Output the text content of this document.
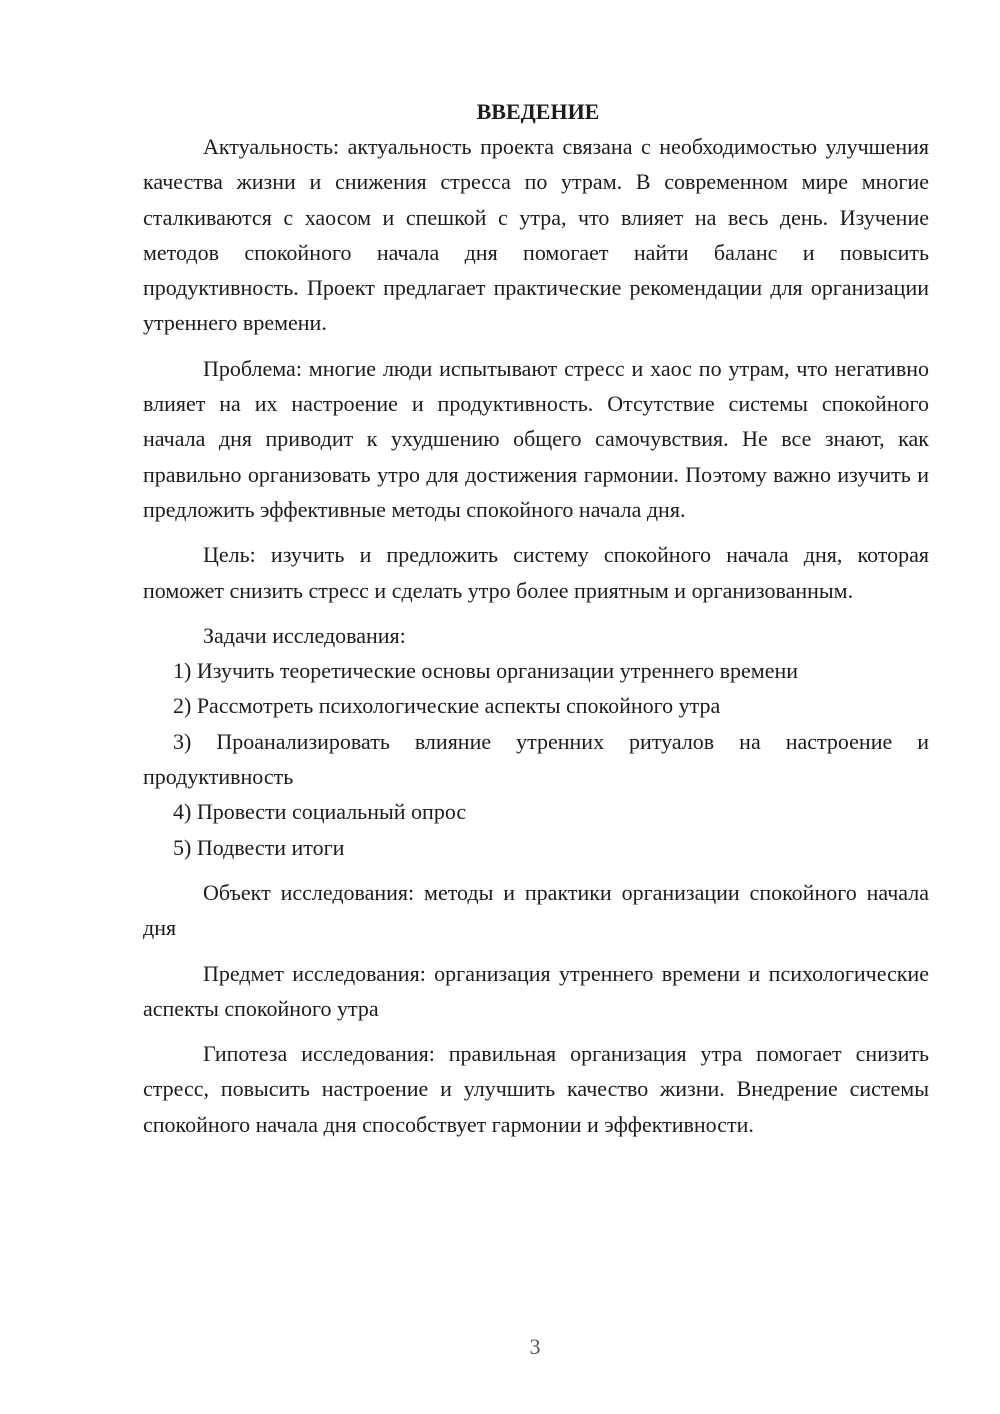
ВВЕДЕНИЕ

Актуальность: актуальность проекта связана с необходимостью улучшения качества жизни и снижения стресса по утрам. В современном мире многие сталкиваются с хаосом и спешкой с утра, что влияет на весь день. Изучение методов спокойного начала дня помогает найти баланс и повысить продуктивность. Проект предлагает практические рекомендации для организации утреннего времени.

Проблема: многие люди испытывают стресс и хаос по утрам, что негативно влияет на их настроение и продуктивность. Отсутствие системы спокойного начала дня приводит к ухудшению общего самочувствия. Не все знают, как правильно организовать утро для достижения гармонии. Поэтому важно изучить и предложить эффективные методы спокойного начала дня.

Цель: изучить и предложить систему спокойного начала дня, которая поможет снизить стресс и сделать утро более приятным и организованным.

Задачи исследования:

1) Изучить теоретические основы организации утреннего времени

2) Рассмотреть психологические аспекты спокойного утра

3) Проанализировать влияние утренних ритуалов на настроение и продуктивность

4) Провести социальный опрос

5) Подвести итоги

Объект исследования: методы и практики организации спокойного начала дня

Предмет исследования: организация утреннего времени и психологические аспекты спокойного утра

Гипотеза исследования: правильная организация утра помогает снизить стресс, повысить настроение и улучшить качество жизни. Внедрение системы спокойного начала дня способствует гармонии и эффективности.

3
